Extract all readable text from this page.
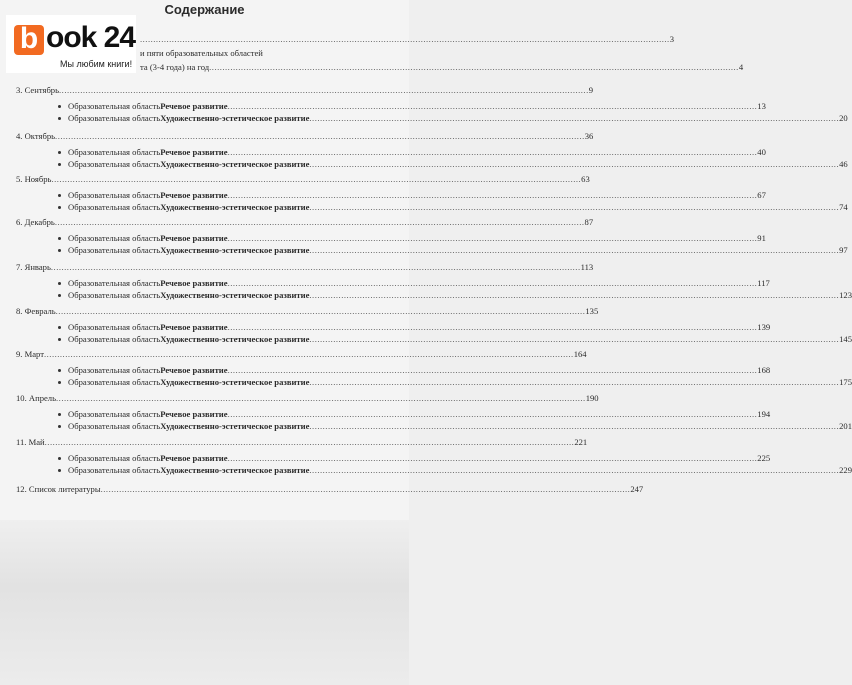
Содержание
b ook 24
Мы любим книги!
........................................................................................................................................................................................................ 3
и пяти образовательных областей
та (3-4 года) на год ........................................................................................................................................................................................................ 4
3. Сентябрь ........................................................................................................................................................................................................ 9
Образовательная область Речевое развитие ........................................................................................................................................................................................................ 13
Образовательная область Художественно-эстетическое развитие ........................................................................................................................................................................................................ 20
4. Октябрь ........................................................................................................................................................................................................ 36
Образовательная область Речевое развитие ........................................................................................................................................................................................................ 40
Образовательная область Художественно-эстетическое развитие ........................................................................................................................................................................................................ 46
5. Ноябрь ........................................................................................................................................................................................................ 63
Образовательная область Речевое развитие ........................................................................................................................................................................................................ 67
Образовательная область Художественно-эстетическое развитие ........................................................................................................................................................................................................ 74
6. Декабрь ........................................................................................................................................................................................................ 87
Образовательная область Речевое развитие ........................................................................................................................................................................................................ 91
Образовательная область Художественно-эстетическое развитие ........................................................................................................................................................................................................ 97
7. Январь ........................................................................................................................................................................................................ 113
Образовательная область Речевое развитие ........................................................................................................................................................................................................ 117
Образовательная область Художественно-эстетическое развитие ........................................................................................................................................................................................................ 123
8. Февраль ........................................................................................................................................................................................................ 135
Образовательная область Речевое развитие ........................................................................................................................................................................................................ 139
Образовательная область Художественно-эстетическое развитие ........................................................................................................................................................................................................ 145
9. Март ........................................................................................................................................................................................................ 164
Образовательная область Речевое развитие ........................................................................................................................................................................................................ 168
Образовательная область Художественно-эстетическое развитие ........................................................................................................................................................................................................ 175
10. Апрель ........................................................................................................................................................................................................ 190
Образовательная область Речевое развитие ........................................................................................................................................................................................................ 194
Образовательная область Художественно-эстетическое развитие ........................................................................................................................................................................................................ 201
11. Май ........................................................................................................................................................................................................ 221
Образовательная область Речевое развитие ........................................................................................................................................................................................................ 225
Образовательная область Художественно-эстетическое развитие ........................................................................................................................................................................................................ 229
12. Список литературы ........................................................................................................................................................................................................ 247
